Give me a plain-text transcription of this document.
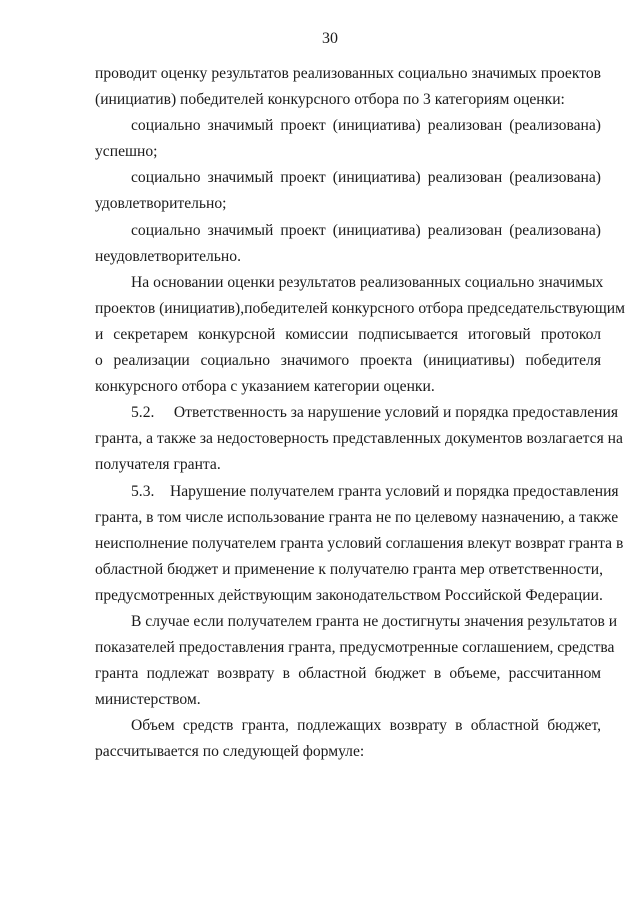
30
проводит оценку результатов реализованных социально значимых проектов
(инициатив) победителей конкурсного отбора по 3 категориям оценки:
социально значимый проект (инициатива) реализован (реализована)
успешно;
социально значимый проект (инициатива) реализован (реализована)
удовлетворительно;
социально значимый проект (инициатива) реализован (реализована)
неудовлетворительно.
На основании оценки результатов реализованных социально значимых
проектов (инициатив),победителей конкурсного отбора председательствующим
и секретарем конкурсной комиссии подписывается итоговый протокол
о реализации социально значимого проекта (инициативы) победителя
конкурсного отбора с указанием категории оценки.
5.2.     Ответственность за нарушение условий и порядка предоставления
гранта, а также за недостоверность представленных документов возлагается на
получателя гранта.
5.3.    Нарушение получателем гранта условий и порядка предоставления
гранта, в том числе использование гранта не по целевому назначению, а также
неисполнение получателем гранта условий соглашения влекут возврат гранта в
областной бюджет и применение к получателю гранта мер ответственности,
предусмотренных действующим законодательством Российской Федерации.
В случае если получателем гранта не достигнуты значения результатов и
показателей предоставления гранта, предусмотренные соглашением, средства
гранта подлежат возврату в областной бюджет в объеме, рассчитанном
министерством.
Объем средств гранта, подлежащих возврату в областной бюджет,
рассчитывается по следующей формуле:
